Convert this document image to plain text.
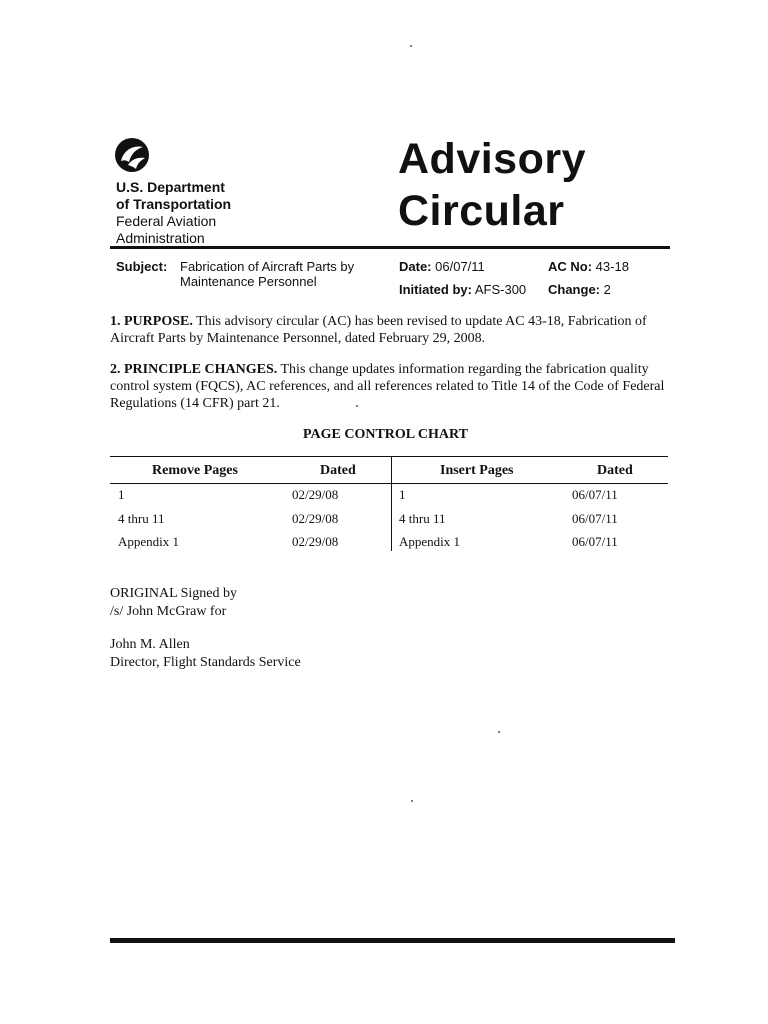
U.S. Department
of Transportation
Federal Aviation
Administration
Advisory
Circular
Subject: Fabrication of Aircraft Parts by
Maintenance Personnel
Date: 06/07/11
Initiated by: AFS-300
AC No: 43-18
Change: 2
1. PURPOSE. This advisory circular (AC) has been revised to update AC 43-18, Fabrication of Aircraft Parts by Maintenance Personnel, dated February 29, 2008.
2. PRINCIPLE CHANGES. This change updates information regarding the fabrication quality control system (FQCS), AC references, and all references related to Title 14 of the Code of Federal Regulations (14 CFR) part 21.
PAGE CONTROL CHART
Remove Pages	Dated	Insert Pages	Dated
1	02/29/08	1	06/07/11
4 thru 11	02/29/08	4 thru 11	06/07/11
Appendix 1	02/29/08	Appendix 1	06/07/11
ORIGINAL Signed by
/s/ John McGraw for
John M. Allen
Director, Flight Standards Service
